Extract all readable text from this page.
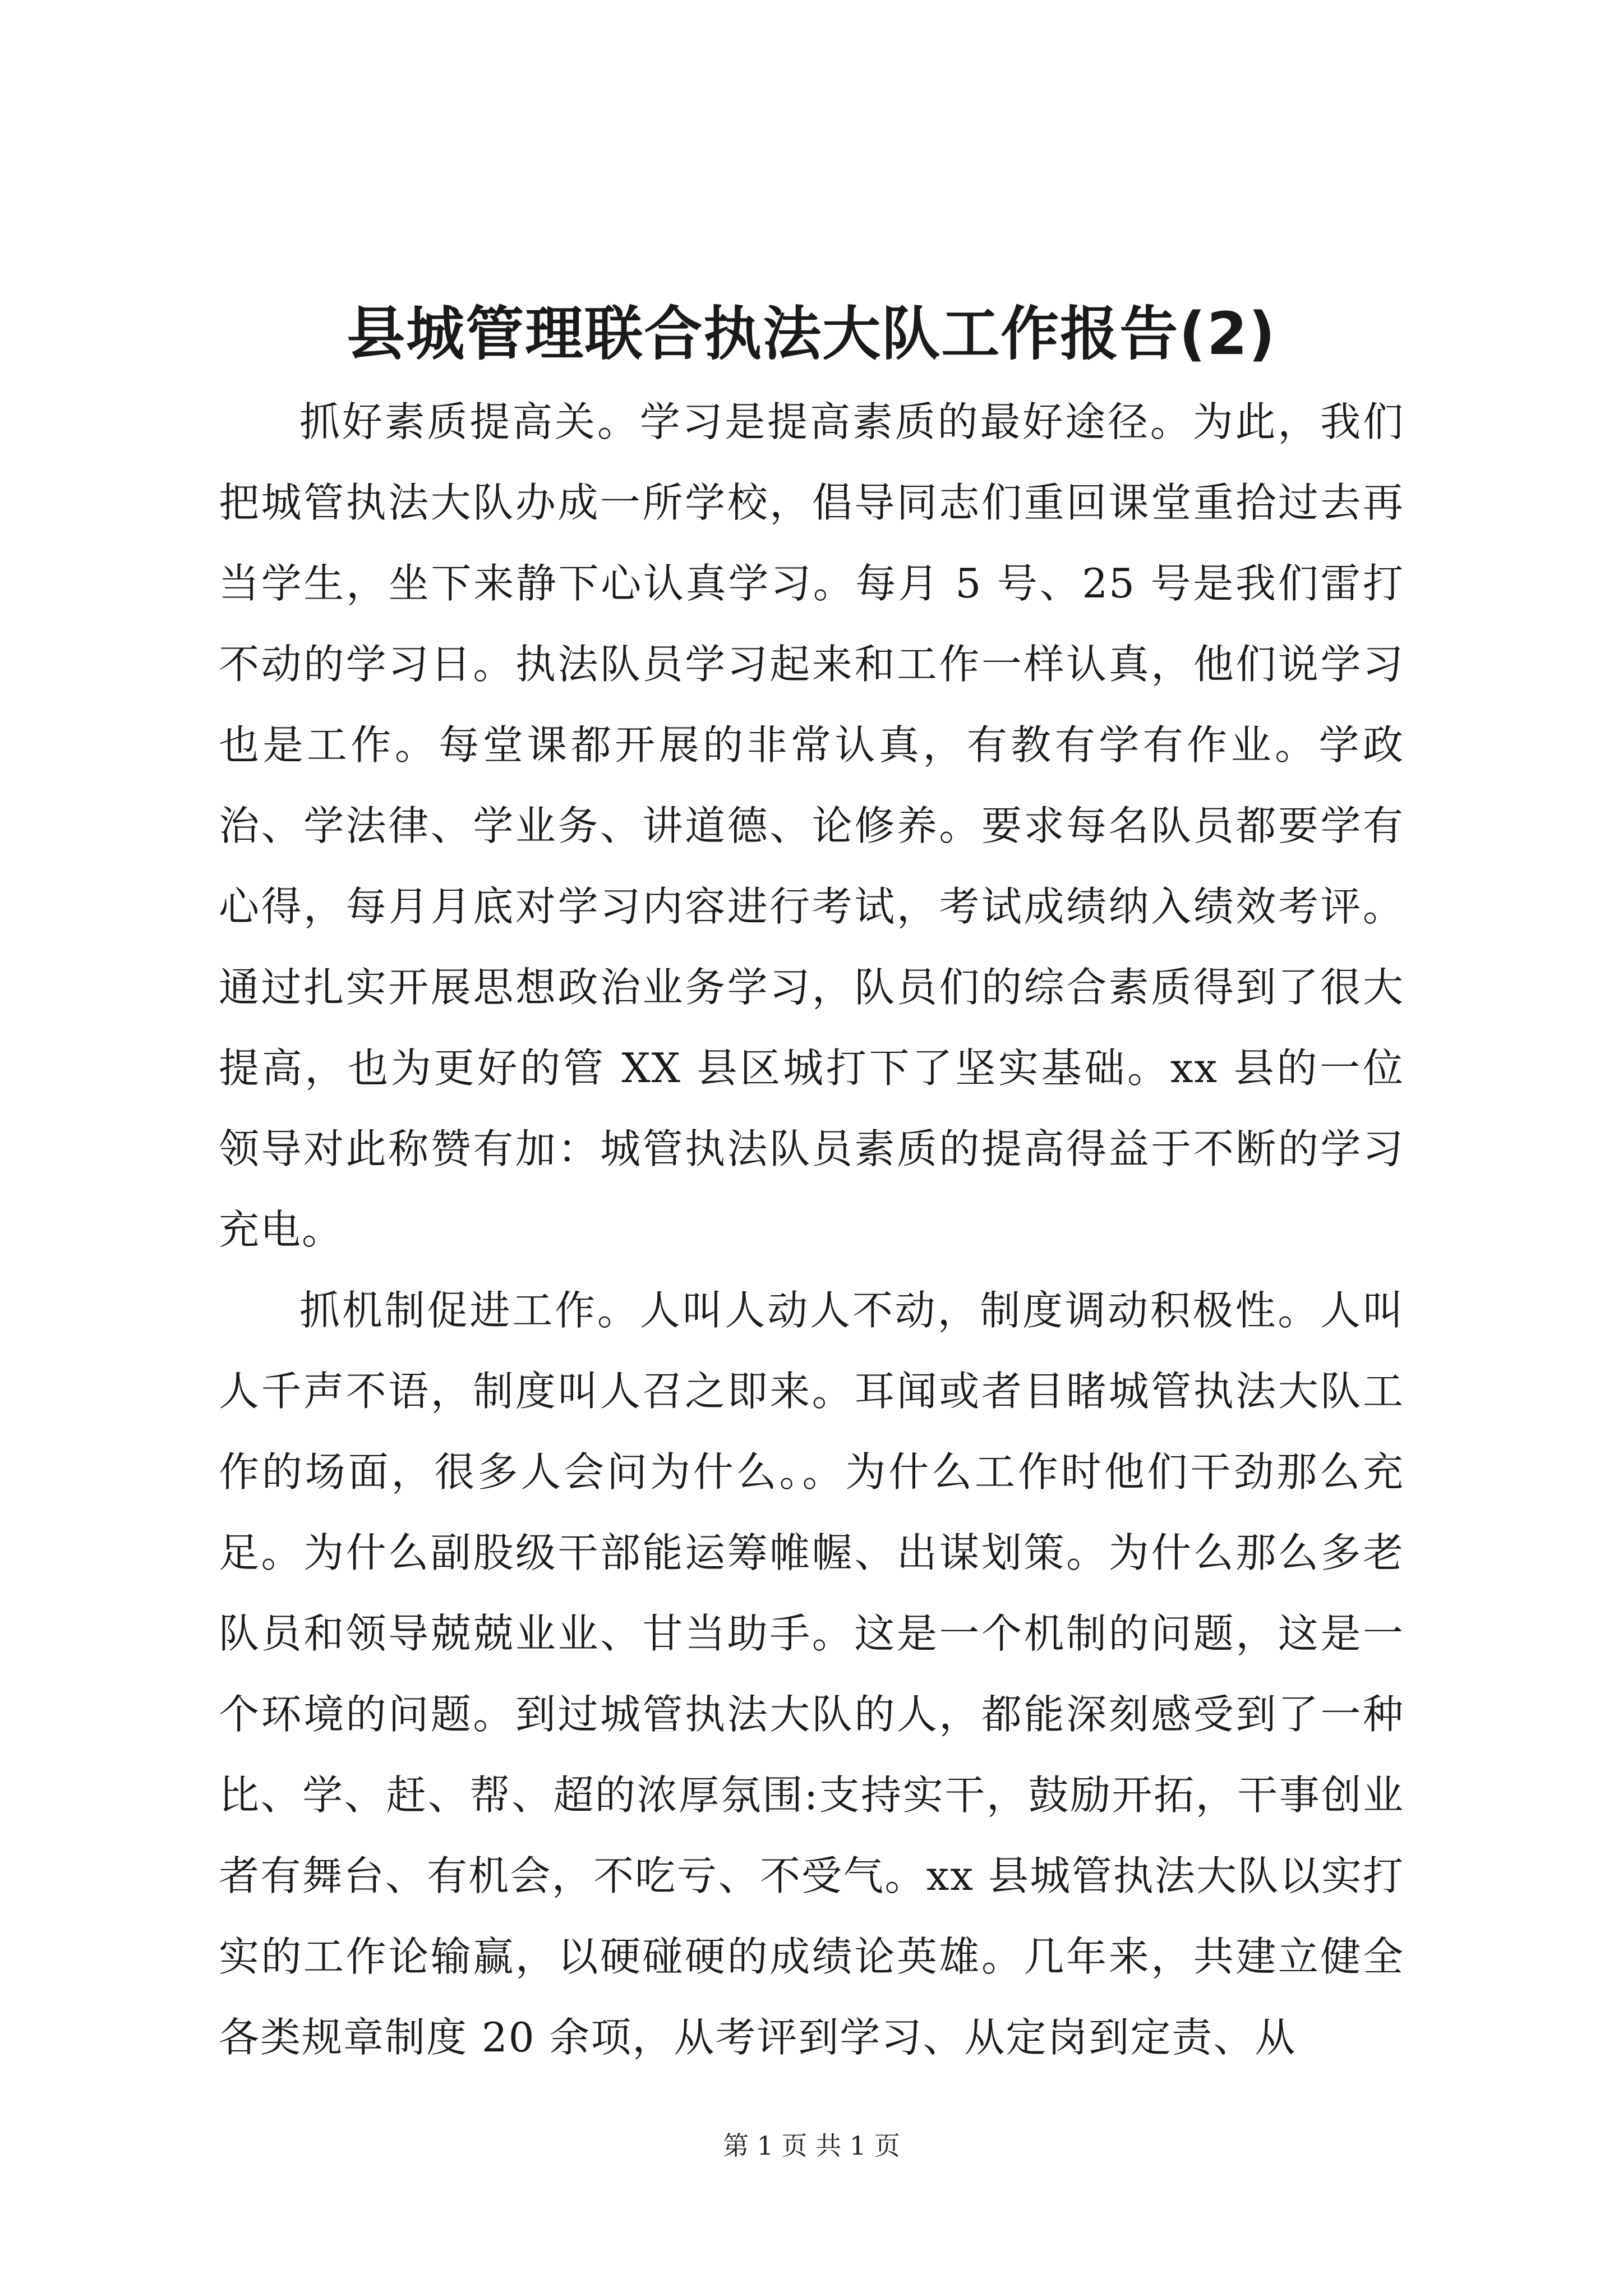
县城管理联合执法大队工作报告(2)

抓好素质提高关。学习是提高素质的最好途径。为此，我们把城管执法大队办成一所学校，倡导同志们重回课堂重拾过去再当学生，坐下来静下心认真学习。每月 5 号、25 号是我们雷打不动的学习日。执法队员学习起来和工作一样认真，他们说学习也是工作。每堂课都开展的非常认真，有教有学有作业。学政治、学法律、学业务、讲道德、论修养。要求每名队员都要学有心得，每月月底对学习内容进行考试，考试成绩纳入绩效考评。通过扎实开展思想政治业务学习，队员们的综合素质得到了很大提高，也为更好的管 XX 县区城打下了坚实基础。xx 县的一位领导对此称赞有加：城管执法队员素质的提高得益于不断的学习充电。

抓机制促进工作。人叫人动人不动，制度调动积极性。人叫人千声不语，制度叫人召之即来。耳闻或者目睹城管执法大队工作的场面，很多人会问为什么。。为什么工作时他们干劲那么充足。为什么副股级干部能运筹帷幄、出谋划策。为什么那么多老队员和领导兢兢业业、甘当助手。这是一个机制的问题，这是一个环境的问题。到过城管执法大队的人，都能深刻感受到了一种比、学、赶、帮、超的浓厚氛围:支持实干，鼓励开拓，干事创业者有舞台、有机会，不吃亏、不受气。xx 县城管执法大队以实打实的工作论输赢，以硬碰硬的成绩论英雄。几年来，共建立健全各类规章制度 20 余项，从考评到学习、从定岗到定责、从

第 1 页 共 1 页
